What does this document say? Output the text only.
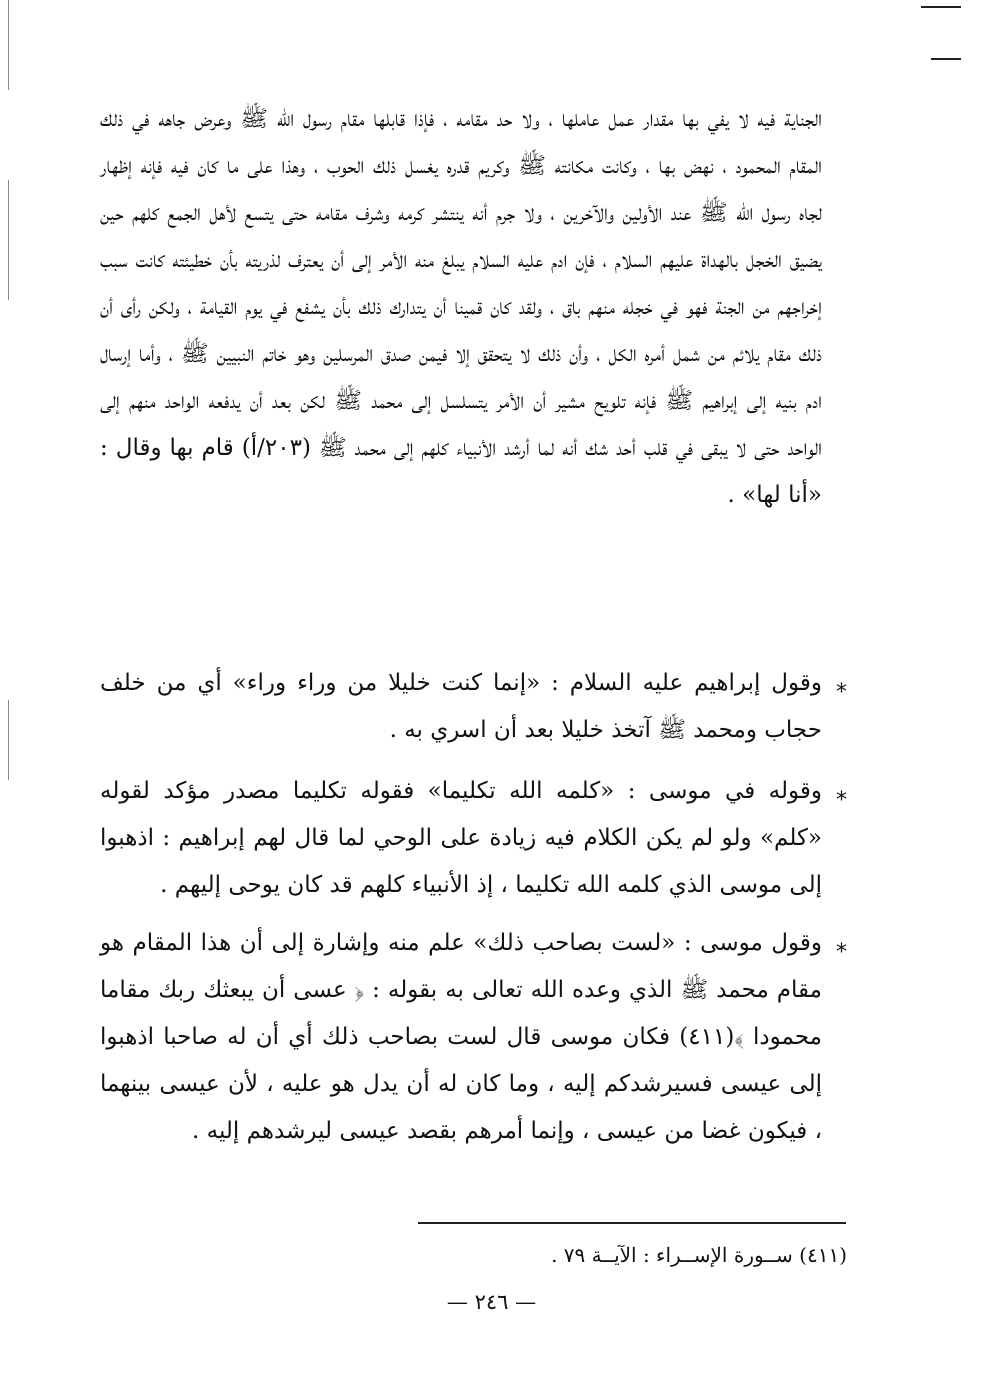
الجناية فيه لا يفي بها مقدار عمل عاملها ، ولا حد مقامه ، فإذا قابلها مقام رسول الله ﷺ وعرض جاهه في ذلك المقام المحمود ، نهض بها ، وكانت مكانته ﷺ وكريم قدره يغسل ذلك الحوب ، وهذا على ما كان فيه فإنه إظهار لجاه رسول الله ﷺ عند الأولين والآخرين ، ولا جرم أنه ينتشر كرمه وشرف مقامه حتى يتسع لأهل الجمع كلهم حين يضيق الخجل بالهداة عليهم السلام ، فإن ادم عليه السلام يبلغ منه الأمر إلى أن يعترف لذريته بأن خطيئته كانت سبب إخراجهم من الجنة فهو في خجله منهم باق ، ولقد كان قمينا أن يتدارك ذلك بأن يشفع في يوم القيامة ، ولكن رأى أن ذلك مقام يلائم من شمل أمره الكل ، وأن ذلك لا يتحقق إلا فيمن صدق المرسلين وهو خاتم النبيين ﷺ ، وأما إرسال ادم بنيه إلى إبراهيم ﷺ فإنه تلويح مشير أن الأمر يتسلسل إلى محمد ﷺ لكن بعد أن يدفعه الواحد منهم إلى الواحد حتى لا يبقى في قلب أحد شك أنه لما أرشد الأنبياء كلهم إلى محمد ﷺ (٢٠٣/أ) قام بها وقال : «أنا لها» .
*
وقول إبراهيم عليه السلام : «إنما كنت خليلا من وراء وراء» أي من خلف حجاب ومحمد ﷺ آتخذ خليلا بعد أن اسري به .
*
وقوله في موسى : «كلمه الله تكليما» فقوله تكليما مصدر مؤكد لقوله «كلم» ولو لم يكن الكلام فيه زيادة على الوحي لما قال لهم إبراهيم : اذهبوا إلى موسى الذي كلمه الله تكليما ، إذ الأنبياء كلهم قد كان يوحى إليهم .
*
وقول موسى : «لست بصاحب ذلك» علم منه وإشارة إلى أن هذا المقام هو مقام محمد ﷺ الذي وعده الله تعالى به بقوله : ﴿ عسى أن يبعثك ربك مقاما محمودا ﴾(٤١١) فكان موسى قال لست بصاحب ذلك أي أن له صاحبا اذهبوا إلى عيسى فسيرشدكم إليه ، وما كان له أن يدل هو عليه ، لأن عيسى بينهما ، فيكون غضا من عيسى ، وإنما أمرهم بقصد عيسى ليرشدهم إليه .
(٤١١) ســورة الإســراء : الآيــة ٧٩ .
— ٢٤٦ —
